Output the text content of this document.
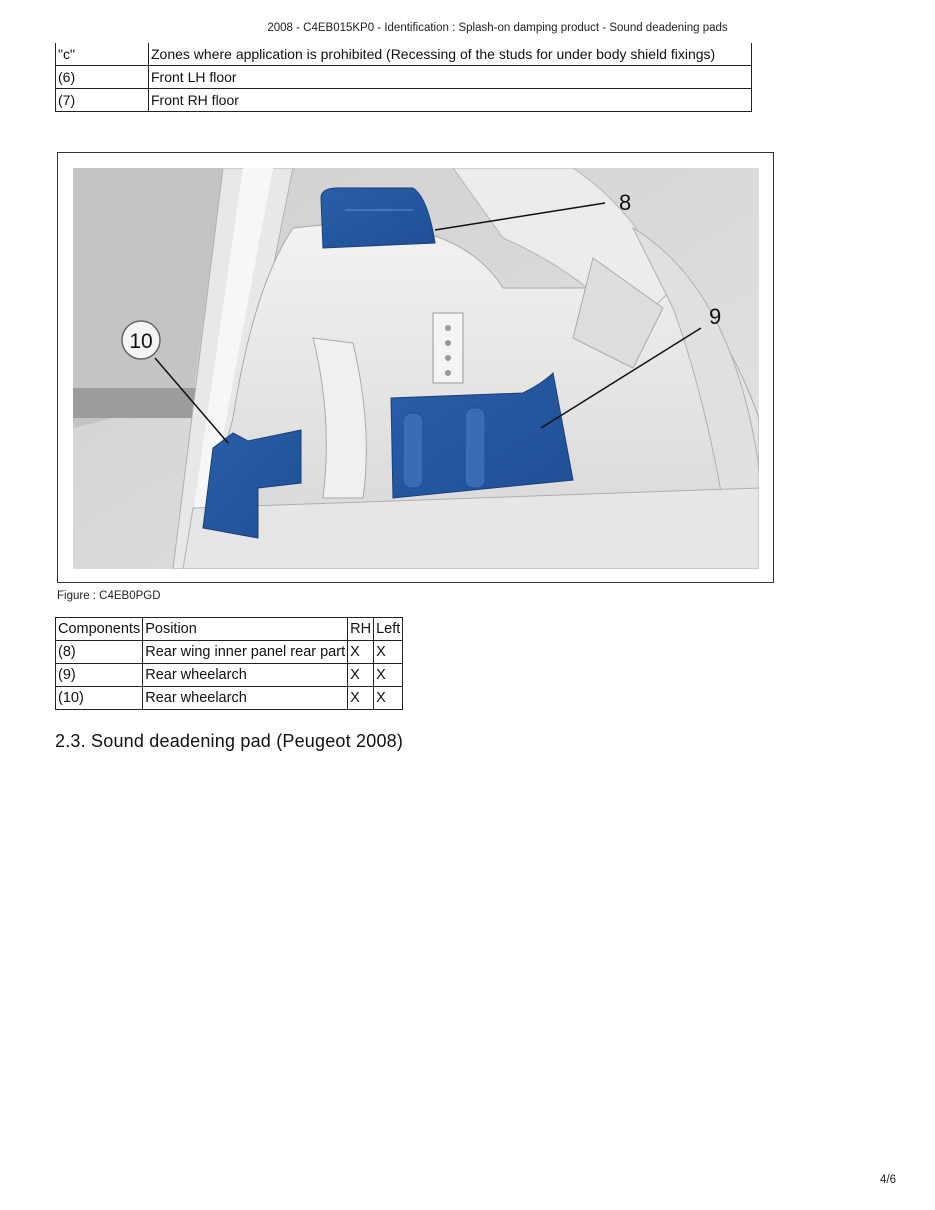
2008 - C4EB015KP0 - Identification : Splash-on damping product - Sound deadening pads
"c"	Zones where application is prohibited (Recessing of the studs for under body shield fixings)
(6)	Front LH floor
(7)	Front RH floor
8
9
10
Figure : C4EB0PGD
Components	Position	RH	Left
(8)	Rear wing inner panel rear part	X	X
(9)	Rear wheelarch	X	X
(10)	Rear wheelarch	X	X
2.3. Sound deadening pad (Peugeot 2008)
4/6
